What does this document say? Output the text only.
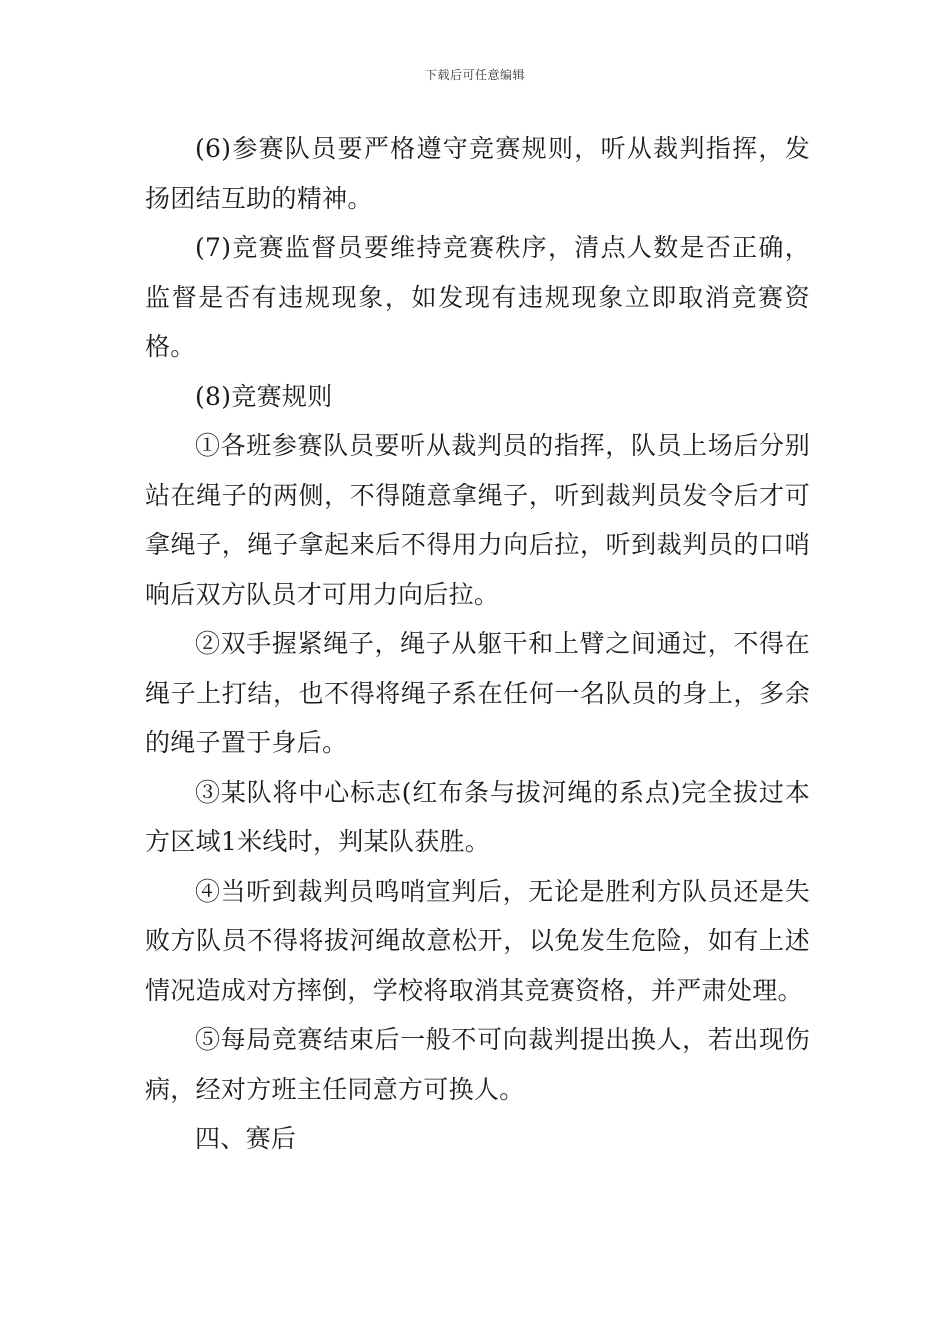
下载后可任意编辑

(6)参赛队员要严格遵守竞赛规则，听从裁判指挥，发扬团结互助的精神。

(7)竞赛监督员要维持竞赛秩序，清点人数是否正确，监督是否有违规现象，如发现有违规现象立即取消竞赛资格。

(8)竞赛规则

①各班参赛队员要听从裁判员的指挥，队员上场后分别站在绳子的两侧，不得随意拿绳子，听到裁判员发令后才可拿绳子，绳子拿起来后不得用力向后拉，听到裁判员的口哨响后双方队员才可用力向后拉。

②双手握紧绳子，绳子从躯干和上臂之间通过，不得在绳子上打结，也不得将绳子系在任何一名队员的身上，多余的绳子置于身后。

③某队将中心标志(红布条与拔河绳的系点)完全拔过本方区域1米线时，判某队获胜。

④当听到裁判员鸣哨宣判后，无论是胜利方队员还是失败方队员不得将拔河绳故意松开，以免发生危险，如有上述情况造成对方摔倒，学校将取消其竞赛资格，并严肃处理。

⑤每局竞赛结束后一般不可向裁判提出换人，若出现伤病，经对方班主任同意方可换人。

四、赛后
